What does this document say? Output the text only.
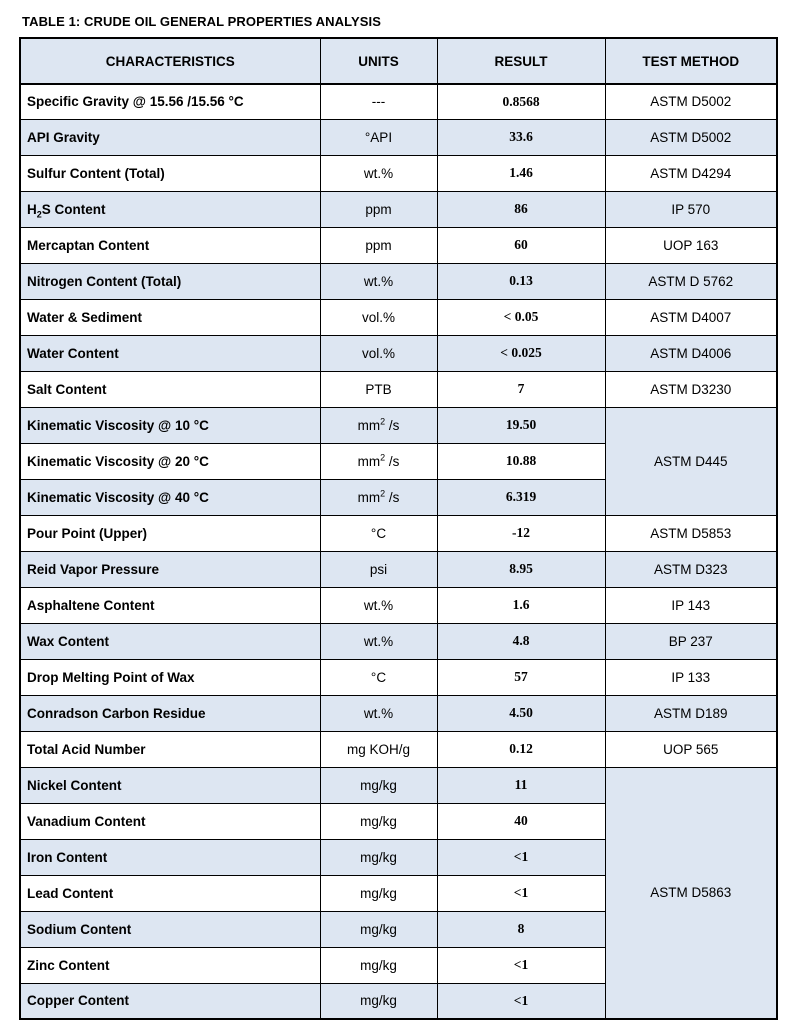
TABLE 1: CRUDE OIL GENERAL PROPERTIES ANALYSIS
CHARACTERISTICS	UNITS	RESULT	TEST METHOD
Specific Gravity @ 15.56 /15.56 °C	---	0.8568	ASTM D5002
API Gravity	°API	33.6	ASTM D5002
Sulfur Content (Total)	wt.%	1.46	ASTM D4294
$H_2S$ Content	ppm	86	IP 570
Mercaptan Content	ppm	60	UOP 163
Nitrogen Content (Total)	wt.%	0.13	ASTM D 5762
Water & Sediment	vol.%	< 0.05	ASTM D4007
Water Content	vol.%	< 0.025	ASTM D4006
Salt Content	PTB	7	ASTM D3230
Kinematic Viscosity @ 10 °C	$mm^2$ /s	19.50	ASTM D445
Kinematic Viscosity @ 20 °C	$mm^2$ /s	10.88	
Kinematic Viscosity @ 40 °C	$mm^2$ /s	6.319	
Pour Point (Upper)	°C	-12	ASTM D5853
Reid Vapor Pressure	psi	8.95	ASTM D323
Asphaltene Content	wt.%	1.6	IP 143
Wax Content	wt.%	4.8	BP 237
Drop Melting Point of Wax	°C	57	IP 133
Conradson Carbon Residue	wt.%	4.50	ASTM D189
Total Acid Number	mg KOH/g	0.12	UOP 565
Nickel Content	mg/kg	11	ASTM D5863
Vanadium Content	mg/kg	40	
Iron Content	mg/kg	<1	
Lead Content	mg/kg	<1	
Sodium Content	mg/kg	8	
Zinc Content	mg/kg	<1	
Copper Content	mg/kg	<1	
